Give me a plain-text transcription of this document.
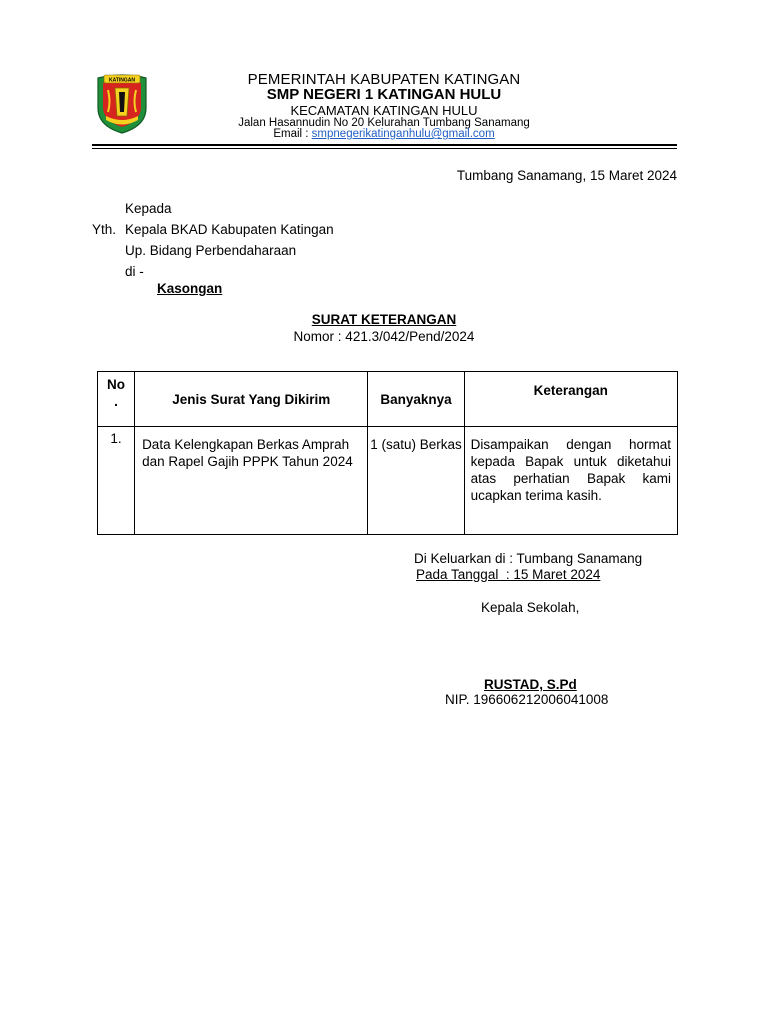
KATINGAN	PEMERINTAH KABUPATEN KATINGAN
SMP NEGERI 1 KATINGAN HULU
KECAMATAN KATINGAN HULU
Jalan Hasannudin No 20 Kelurahan Tumbang Sanamang
Email : smpnegerikatinganhulu@gmail.com
Tumbang Sanamang, 15 Maret 2024
Kepada
Yth. Kepala BKAD Kabupaten Katingan
Up. Bidang Perbendaharaan
di -
Kasongan
SURAT KETERANGAN
Nomor : 421.3/042/Pend/2024
No
.	Jenis Surat Yang Dikirim	Banyaknya	Keterangan
1.	Data Kelengkapan Berkas Amprah dan Rapel Gajih PPPK Tahun 2024	1 (satu) Berkas	Disampaikan dengan hormat kepada Bapak untuk diketahui atas perhatian Bapak kami ucapkan terima kasih.
Di Keluarkan di : Tumbang Sanamang
Pada Tanggal  : 15 Maret 2024
Kepala Sekolah,
RUSTAD, S.Pd
NIP. 196606212006041008
